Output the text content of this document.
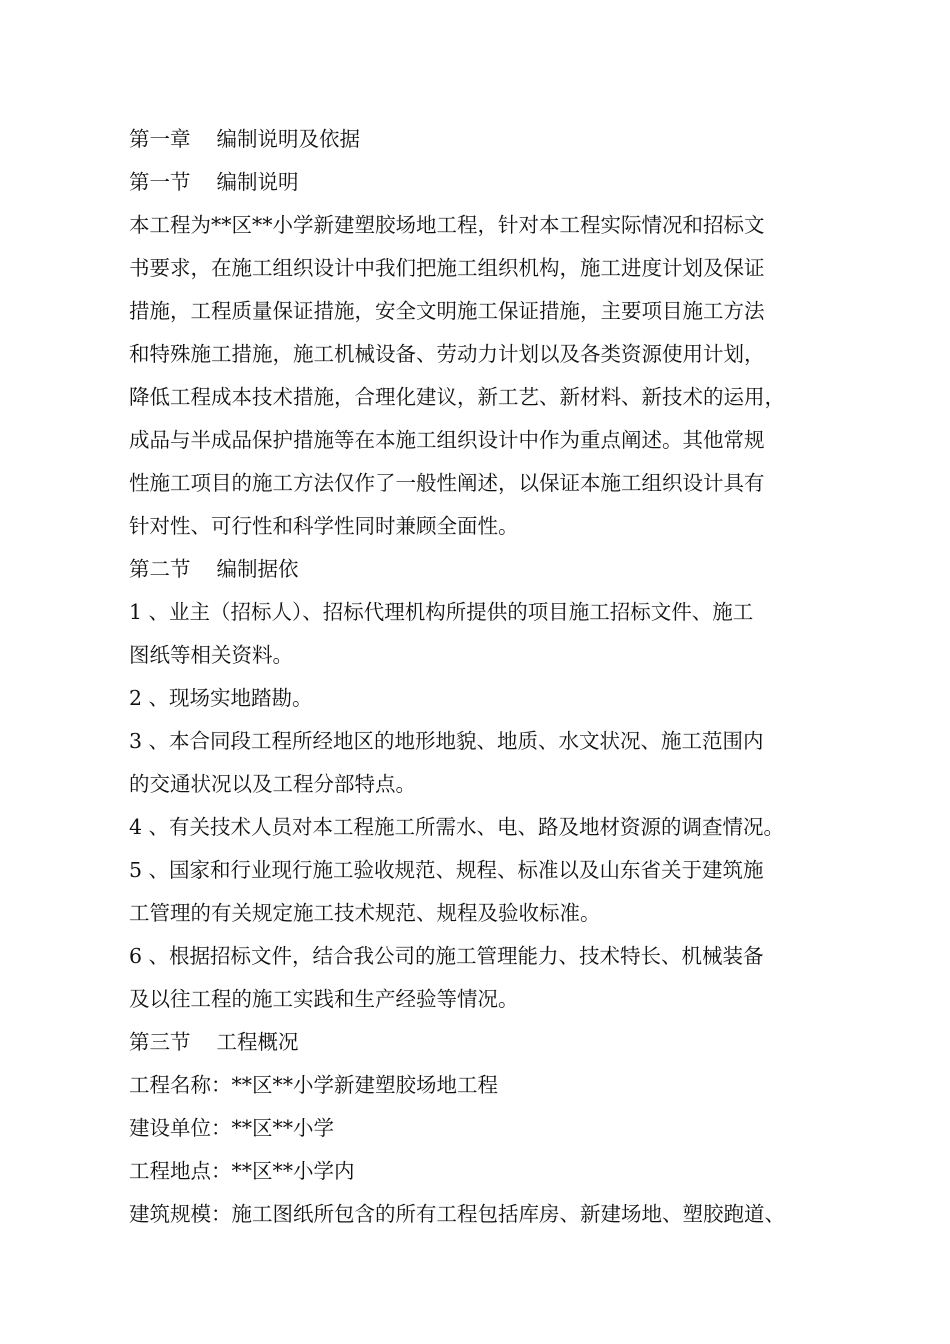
第一章 编制说明及依据
第一节 编制说明
本工程为**区**小学新建塑胶场地工程，针对本工程实际情况和招标文
书要求，在施工组织设计中我们把施工组织机构，施工进度计划及保证
措施，工程质量保证措施，安全文明施工保证措施，主要项目施工方法
和特殊施工措施，施工机械设备、劳动力计划以及各类资源使用计划，
降低工程成本技术措施，合理化建议，新工艺、新材料、新技术的运用，
成品与半成品保护措施等在本施工组织设计中作为重点阐述。其他常规
性施工项目的施工方法仅作了一般性阐述，以保证本施工组织设计具有
针对性、可行性和科学性同时兼顾全面性。
第二节 编制据依
1 、业主（招标人）、招标代理机构所提供的项目施工招标文件、施工
图纸等相关资料。
2 、现场实地踏勘。
3 、本合同段工程所经地区的地形地貌、地质、水文状况、施工范围内
的交通状况以及工程分部特点。
4 、有关技术人员对本工程施工所需水、电、路及地材资源的调查情况。
5 、国家和行业现行施工验收规范、规程、标准以及山东省关于建筑施
工管理的有关规定施工技术规范、规程及验收标准。
6 、根据招标文件，结合我公司的施工管理能力、技术特长、机械装备
及以往工程的施工实践和生产经验等情况。
第三节 工程概况
工程名称：**区**小学新建塑胶场地工程
建设单位：**区**小学
工程地点：**区**小学内
建筑规模：施工图纸所包含的所有工程包括库房、新建场地、塑胶跑道、
